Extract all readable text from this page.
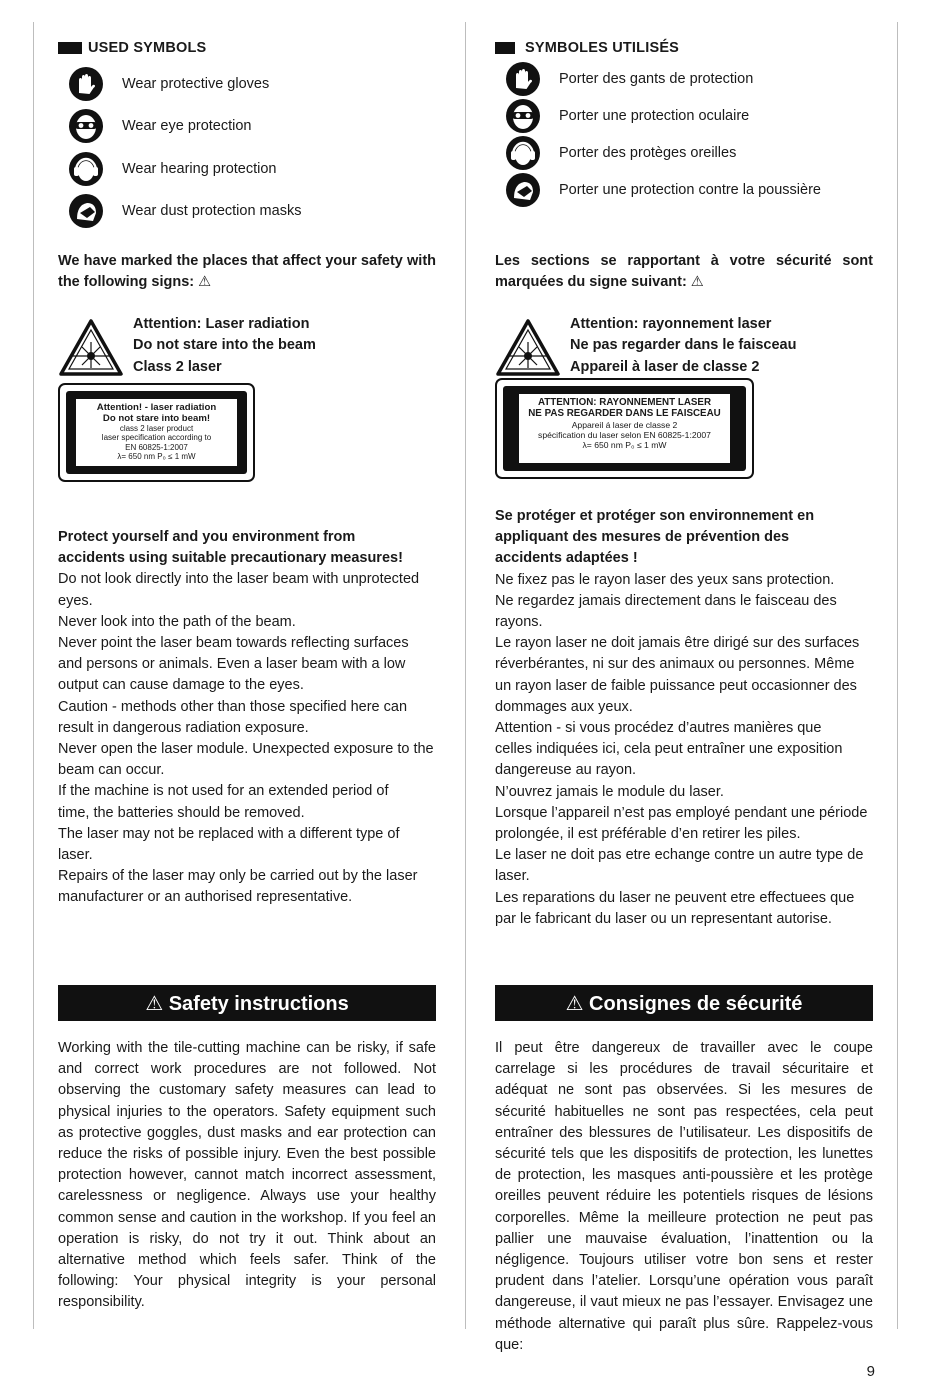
USED SYMBOLS
Wear protective gloves
Wear eye protection
Wear hearing protection
Wear dust protection masks
We have marked the places that affect your safety with the following signs: ⚠
Attention: Laser radiation
Do not stare into the beam
Class 2 laser
Attention! - laser radiation
Do not stare into beam!
class 2 laser product
laser specification according to
EN 60825-1:2007
λ= 650 nm P₀ ≤ 1 mW
Protect yourself and you environment from accidents using suitable precautionary measures!
Do not look directly into the laser beam with unprotected eyes.
Never look into the path of the beam.
Never point the laser beam towards reflecting surfaces and persons or animals. Even a laser beam with a low output can cause damage to the eyes.
Caution - methods other than those specified here can result in dangerous radiation exposure.
Never open the laser module. Unexpected exposure to the beam can occur.
If the machine is not used for an extended period of time, the batteries should be removed.
The laser may not be replaced with a different type of laser.
Repairs of the laser may only be carried out by the laser manufacturer or an authorised representative.
⚠ Safety instructions
Working with the tile-cutting machine can be risky, if safe and correct work procedures are not followed. Not observing the customary safety measures can lead to physical injuries to the operators. Safety equipment such as protective goggles, dust masks and ear protection can reduce the risks of possible injury. Even the best possible protection however, cannot match incorrect assessment, carelessness or negligence. Always use your healthy common sense and caution in the workshop. If you feel an operation is risky, do not try it out. Think about an alternative method which feels safer. Think of the following: Your physical integrity is your personal responsibility.
SYMBOLES UTILISÉS
Porter des gants de protection
Porter une protection oculaire
Porter des protèges oreilles
Porter une protection contre la poussière
Les sections se rapportant à votre sécurité sont marquées du signe suivant: ⚠
Attention: rayonnement laser
Ne pas regarder dans le faisceau
Appareil à laser de classe 2
ATTENTION: RAYONNEMENT LASER
NE PAS REGARDER DANS LE FAISCEAU
Appareil á laser de classe 2
spécification du laser selon EN 60825-1:2007
λ= 650 nm P₀ ≤ 1 mW
Se protéger et protéger son environnement en appliquant des mesures de prévention des accidents adaptées !
Ne fixez pas le rayon laser des yeux sans protection.
Ne regardez jamais directement dans le faisceau des rayons.
Le rayon laser ne doit jamais être dirigé sur des surfaces réverbérantes, ni sur des animaux ou personnes. Même un rayon laser de faible puissance peut occasionner des dommages aux yeux.
Attention - si vous procédez d’autres manières que celles indiquées ici, cela peut entraîner une exposition dangereuse au rayon.
N’ouvrez jamais le module du laser.
Lorsque l’appareil n’est pas employé pendant une période prolongée, il est préférable d’en retirer les piles.
Le laser ne doit pas etre echange contre un autre type de laser.
Les reparations du laser ne peuvent etre effectuees que par le fabricant du laser ou un representant autorise.
⚠ Consignes de sécurité
Il peut être dangereux de travailler avec le coupe carrelage si les procédures de travail sécuritaire et adéquat ne sont pas observées. Si les mesures de sécurité habituelles ne sont pas respectées, cela peut entraîner des blessures de l’utilisateur. Les dispositifs de sécurité tels que les dispositifs de protection, les lunettes de protection, les masques anti-poussière et les protège oreilles peuvent réduire les potentiels risques de lésions corporelles. Même la meilleure protection ne peut pas pallier une mauvaise évaluation, l’inattention ou la négligence. Toujours utiliser votre bon sens et rester prudent dans l’atelier. Lorsqu’une opération vous paraît dangereuse, il vaut mieux ne pas l’essayer. Envisagez une méthode alternative qui paraît plus sûre. Rappelez-vous que:
9
